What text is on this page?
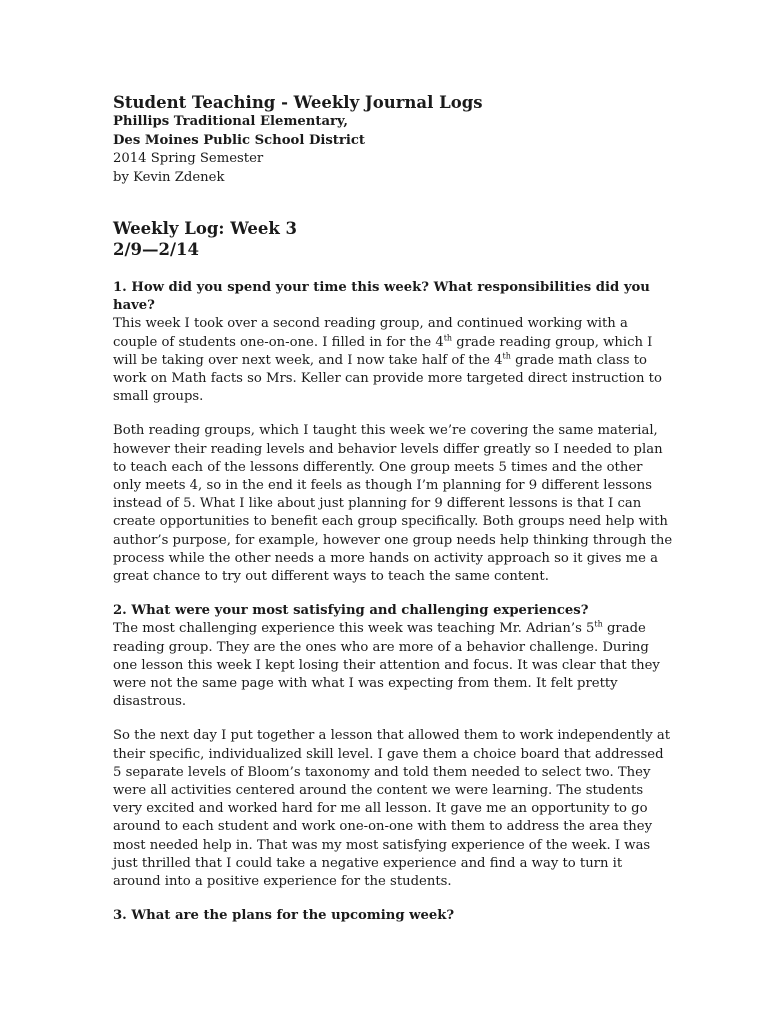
Student Teaching - Weekly Journal Logs

Phillips Traditional Elementary,

Des Moines Public School District

2014 Spring Semester

by Kevin Zdenek

Weekly Log: Week 3

2/9—2/14

1. How did you spend your time this week? What responsibilities did you have?

This week I took over a second reading group, and continued working with a couple of students one-on-one. I filled in for the 4th grade reading group, which I will be taking over next week, and I now take half of the 4th grade math class to work on Math facts so Mrs. Keller can provide more targeted direct instruction to small groups.

Both reading groups, which I taught this week we’re covering the same material, however their reading levels and behavior levels differ greatly so I needed to plan to teach each of the lessons differently. One group meets 5 times and the other only meets 4, so in the end it feels as though I’m planning for 9 different lessons instead of 5. What I like about just planning for 9 different lessons is that I can create opportunities to benefit each group specifically. Both groups need help with author’s purpose, for example, however one group needs help thinking through the process while the other needs a more hands on activity approach so it gives me a great chance to try out different ways to teach the same content.

2. What were your most satisfying and challenging experiences?

The most challenging experience this week was teaching Mr. Adrian’s 5th grade reading group. They are the ones who are more of a behavior challenge. During one lesson this week I kept losing their attention and focus. It was clear that they were not the same page with what I was expecting from them. It felt pretty disastrous.

So the next day I put together a lesson that allowed them to work independently at their specific, individualized skill level. I gave them a choice board that addressed 5 separate levels of Bloom’s taxonomy and told them needed to select two. They were all activities centered around the content we were learning. The students very excited and worked hard for me all lesson. It gave me an opportunity to go around to each student and work one-on-one with them to address the area they most needed help in. That was my most satisfying experience of the week. I was just thrilled that I could take a negative experience and find a way to turn it around into a positive experience for the students.

3. What are the plans for the upcoming week?
